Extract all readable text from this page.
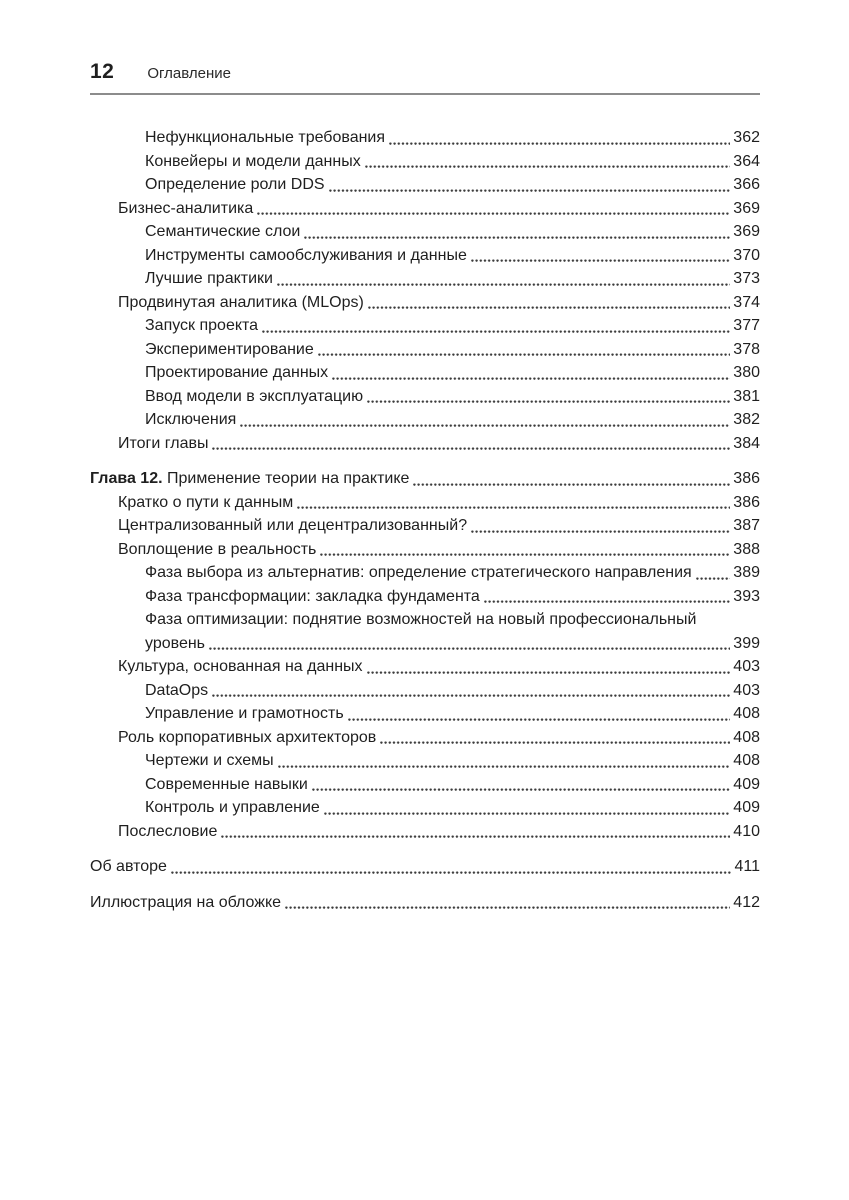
12 Оглавление
Нефункциональные требования	362
Конвейеры и модели данных	364
Определение роли DDS	366
Бизнес-аналитика	369
Семантические слои	369
Инструменты самообслуживания и данные	370
Лучшие практики	373
Продвинутая аналитика (MLOps)	374
Запуск проекта	377
Экспериментирование	378
Проектирование данных	380
Ввод модели в эксплуатацию	381
Исключения	382
Итоги главы	384
Глава 12. Применение теории на практике	386
Кратко о пути к данным	386
Централизованный или децентрализованный?	387
Воплощение в реальность	388
Фаза выбора из альтернатив: определение стратегического направления	389
Фаза трансформации: закладка фундамента	393
Фаза оптимизации: поднятие возможностей на новый профессиональный
уровень	399
Культура, основанная на данных	403
DataOps	403
Управление и грамотность	408
Роль корпоративных архитекторов	408
Чертежи и схемы	408
Современные навыки	409
Контроль и управление	409
Послесловие	410
Об авторе	411
Иллюстрация на обложке	412
